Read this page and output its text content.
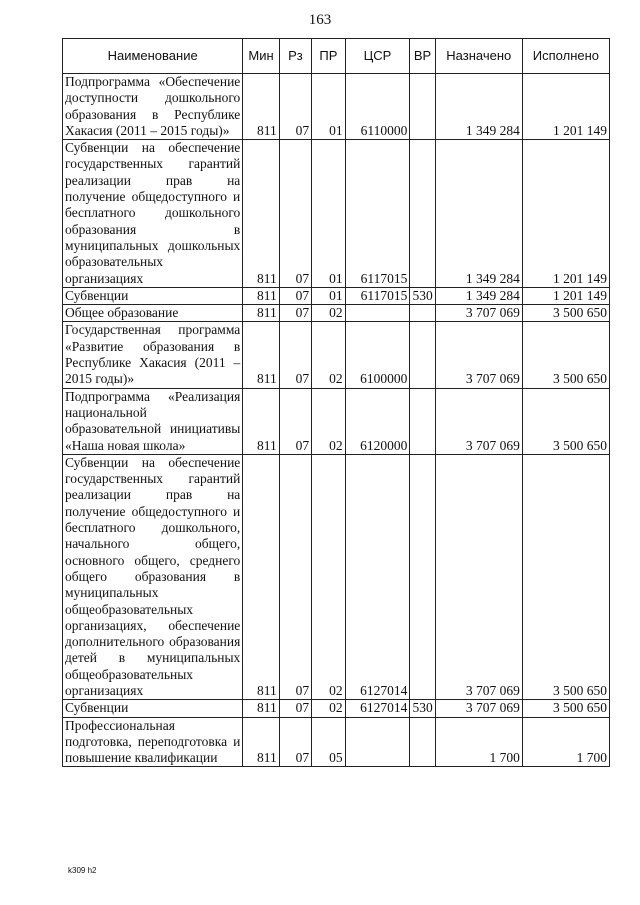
163
Наименование	Мин	Рз	ПР	ЦСР	ВР	Назначено	Исполнено
Подпрограмма «Обеспечение доступности дошкольного образования в Республике Хакасия (2011 – 2015 годы)»	811	07	01	6110000		1 349 284	1 201 149
Субвенции на обеспечение государственных гарантий реализации прав на получение общедоступного и бесплатного дошкольного образования в муниципальных дошкольных образовательных организациях	811	07	01	6117015		1 349 284	1 201 149
Субвенции	811	07	01	6117015	530	1 349 284	1 201 149
Общее образование	811	07	02			3 707 069	3 500 650
Государственная программа «Развитие образования в Республике Хакасия (2011 – 2015 годы)»	811	07	02	6100000		3 707 069	3 500 650
Подпрограмма «Реализация национальной образовательной инициативы «Наша новая школа»	811	07	02	6120000		3 707 069	3 500 650
Субвенции на обеспечение государственных гарантий реализации прав на получение общедоступного и бесплатного дошкольного, начального общего, основного общего, среднего общего образования в муниципальных общеобразовательных организациях, обеспечение дополнительного образования детей в муниципальных общеобразовательных организациях	811	07	02	6127014		3 707 069	3 500 650
Субвенции	811	07	02	6127014	530	3 707 069	3 500 650
Профессиональная подготовка, переподготовка и повышение квалификации	811	07	05			1 700	1 700
k309 h2
